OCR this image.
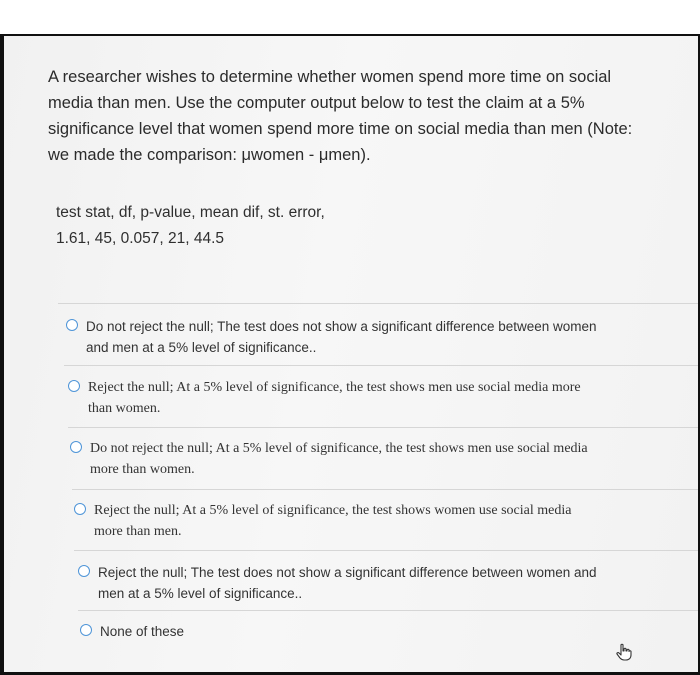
A researcher wishes to determine whether women spend more time on social
media than men. Use the computer output below to test the claim at a 5%
significance level that women spend more time on social media than men (Note:
we made the comparison: μwomen - μmen).
test stat, df, p-value, mean dif, st. error,
1.61, 45, 0.057, 21, 44.5
Do not reject the null; The test does not show a significant difference between women
and men at a 5% level of significance..
Reject the null; At a 5% level of significance, the test shows men use social media more
than women.
Do not reject the null; At a 5% level of significance, the test shows men use social media
more than women.
Reject the null; At a 5% level of significance, the test shows women use social media
more than men.
Reject the null; The test does not show a significant difference between women and
men at a 5% level of significance..
None of these
